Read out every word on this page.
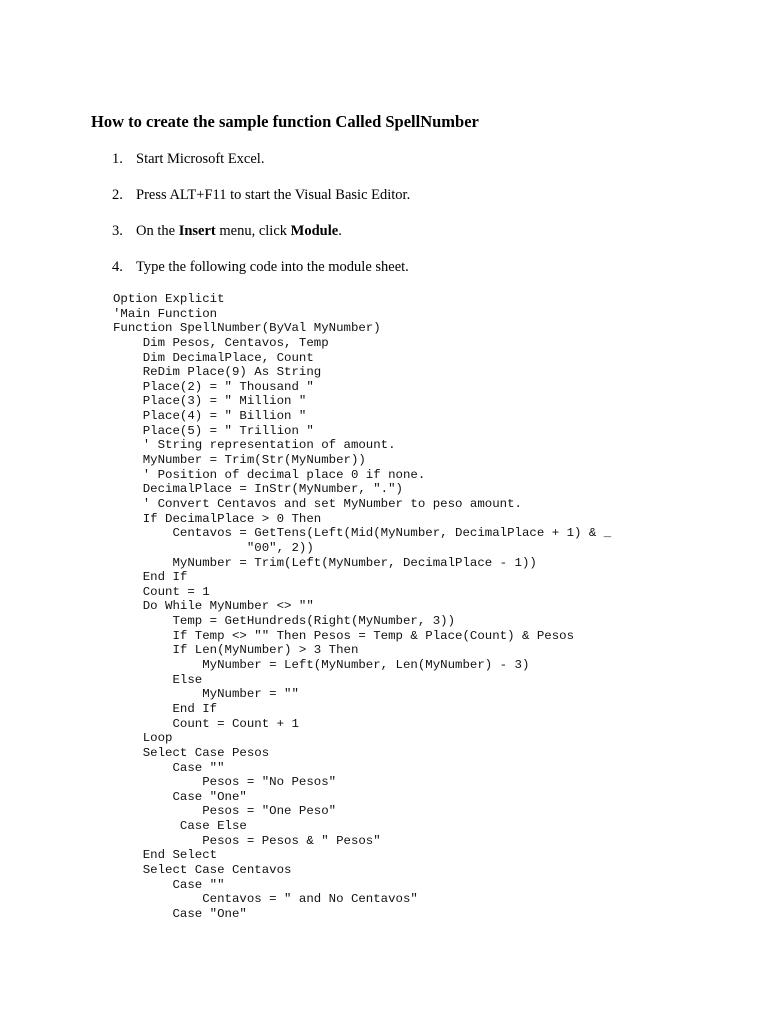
How to create the sample function Called SpellNumber
1. Start Microsoft Excel.
2. Press ALT+F11 to start the Visual Basic Editor.
3. On the Insert menu, click Module.
4. Type the following code into the module sheet.
Option Explicit
'Main Function
Function SpellNumber(ByVal MyNumber)
Dim Pesos, Centavos, Temp
Dim DecimalPlace, Count
ReDim Place(9) As String
Place(2) = " Thousand "
Place(3) = " Million "
Place(4) = " Billion "
Place(5) = " Trillion "
' String representation of amount.
MyNumber = Trim(Str(MyNumber))
' Position of decimal place 0 if none.
DecimalPlace = InStr(MyNumber, ".")
' Convert Centavos and set MyNumber to peso amount.
If DecimalPlace > 0 Then
Centavos = GetTens(Left(Mid(MyNumber, DecimalPlace + 1) & _
"00", 2))
MyNumber = Trim(Left(MyNumber, DecimalPlace - 1))
End If
Count = 1
Do While MyNumber <> ""
Temp = GetHundreds(Right(MyNumber, 3))
If Temp <> "" Then Pesos = Temp & Place(Count) & Pesos
If Len(MyNumber) > 3 Then
MyNumber = Left(MyNumber, Len(MyNumber) - 3)
Else
MyNumber = ""
End If
Count = Count + 1
Loop
Select Case Pesos
Case ""
Pesos = "No Pesos"
Case "One"
Pesos = "One Peso"
Case Else
Pesos = Pesos & " Pesos"
End Select
Select Case Centavos
Case ""
Centavos = " and No Centavos"
Case "One"
